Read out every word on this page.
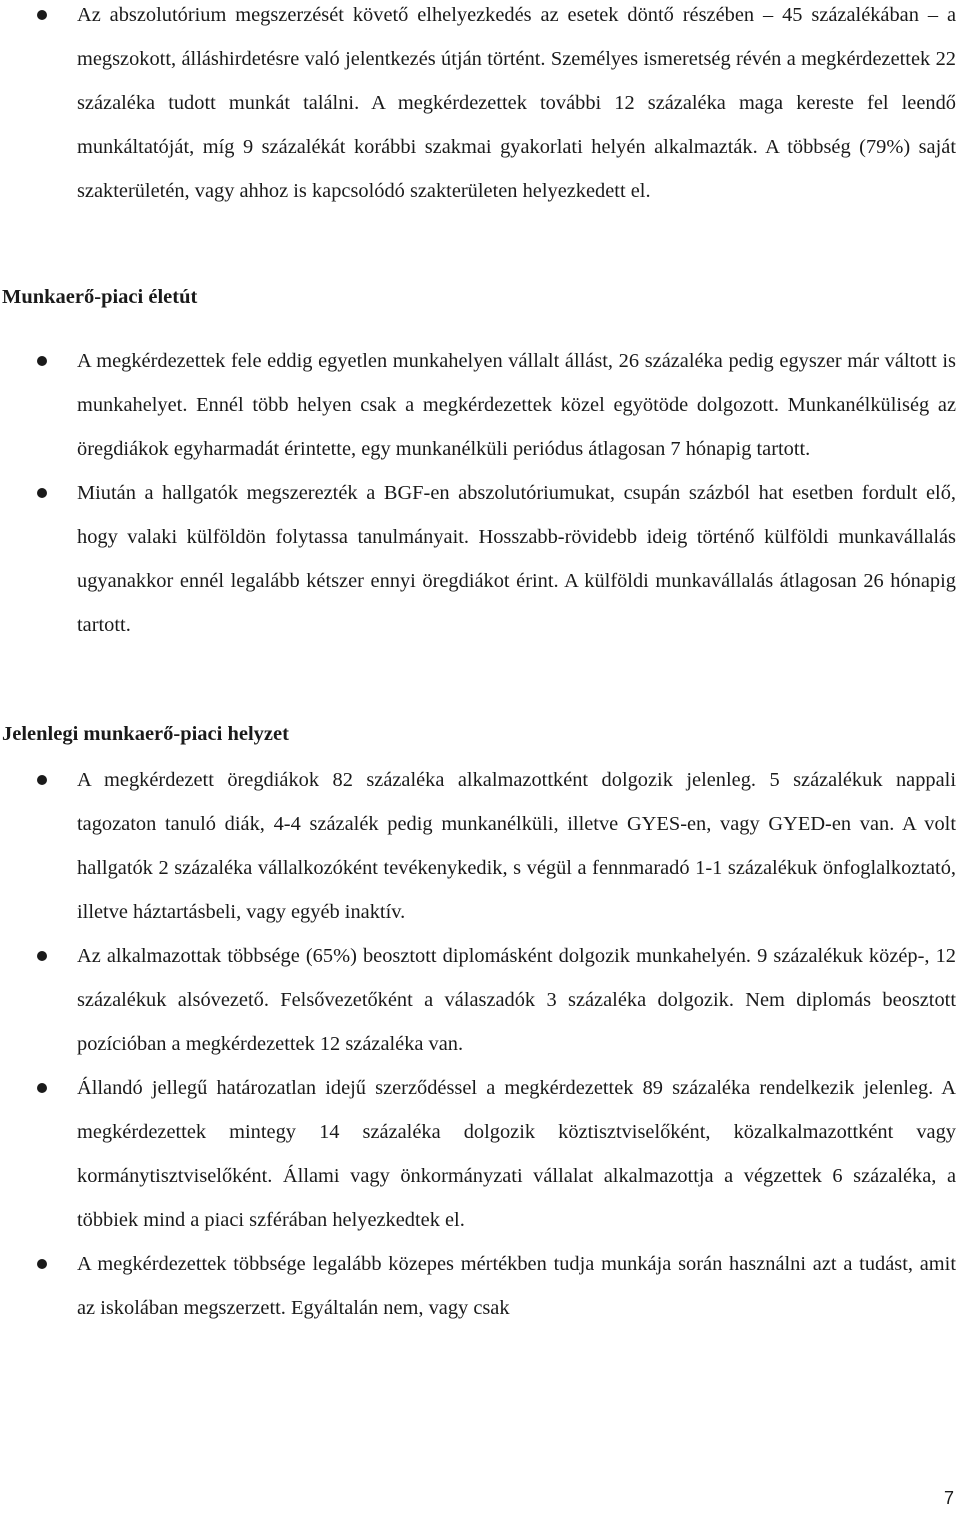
Az abszolutórium megszerzését követő elhelyezkedés az esetek döntő részében – 45 százalékában – a megszokott, álláshirdetésre való jelentkezés útján történt. Személyes ismeretség révén a megkérdezettek 22 százaléka tudott munkát találni. A megkérdezettek további 12 százaléka maga kereste fel leendő munkáltatóját, míg 9 százalékát korábbi szakmai gyakorlati helyén alkalmazták. A többség (79%) saját szakterületén, vagy ahhoz is kapcsolódó szakterületen helyezkedett el.
Munkaerő-piaci életút
A megkérdezettek fele eddig egyetlen munkahelyen vállalt állást, 26 százaléka pedig egyszer már váltott is munkahelyet. Ennél több helyen csak a megkérdezettek közel egyötöde dolgozott. Munkanélküliség az öregdiákok egyharmadát érintette, egy munkanélküli periódus átlagosan 7 hónapig tartott.
Miután a hallgatók megszerezték a BGF-en abszolutóriumukat, csupán százból hat esetben fordult elő, hogy valaki külföldön folytassa tanulmányait. Hosszabb-rövidebb ideig történő külföldi munkavállalás ugyanakkor ennél legalább kétszer ennyi öregdiákot érint. A külföldi munkavállalás átlagosan 26 hónapig tartott.
Jelenlegi munkaerő-piaci helyzet
A megkérdezett öregdiákok 82 százaléka alkalmazottként dolgozik jelenleg. 5 százalékuk nappali tagozaton tanuló diák, 4-4 százalék pedig munkanélküli, illetve GYES-en, vagy GYED-en van. A volt hallgatók 2 százaléka vállalkozóként tevékenykedik, s végül a fennmaradó 1-1 százalékuk önfoglalkoztató, illetve háztartásbeli, vagy egyéb inaktív.
Az alkalmazottak többsége (65%) beosztott diplomásként dolgozik munkahelyén. 9 százalékuk közép-, 12 százalékuk alsóvezető. Felsővezetőként a válaszadók 3 százaléka dolgozik. Nem diplomás beosztott pozícióban a megkérdezettek 12 százaléka van.
Állandó jellegű határozatlan idejű szerződéssel a megkérdezettek 89 százaléka rendelkezik jelenleg. A megkérdezettek mintegy 14 százaléka dolgozik köztisztviselőként, közalkalmazottként vagy kormánytisztviselőként. Állami vagy önkormányzati vállalat alkalmazottja a végzettek 6 százaléka, a többiek mind a piaci szférában helyezkedtek el.
A megkérdezettek többsége legalább közepes mértékben tudja munkája során használni azt a tudást, amit az iskolában megszerzett. Egyáltalán nem, vagy csak
7
